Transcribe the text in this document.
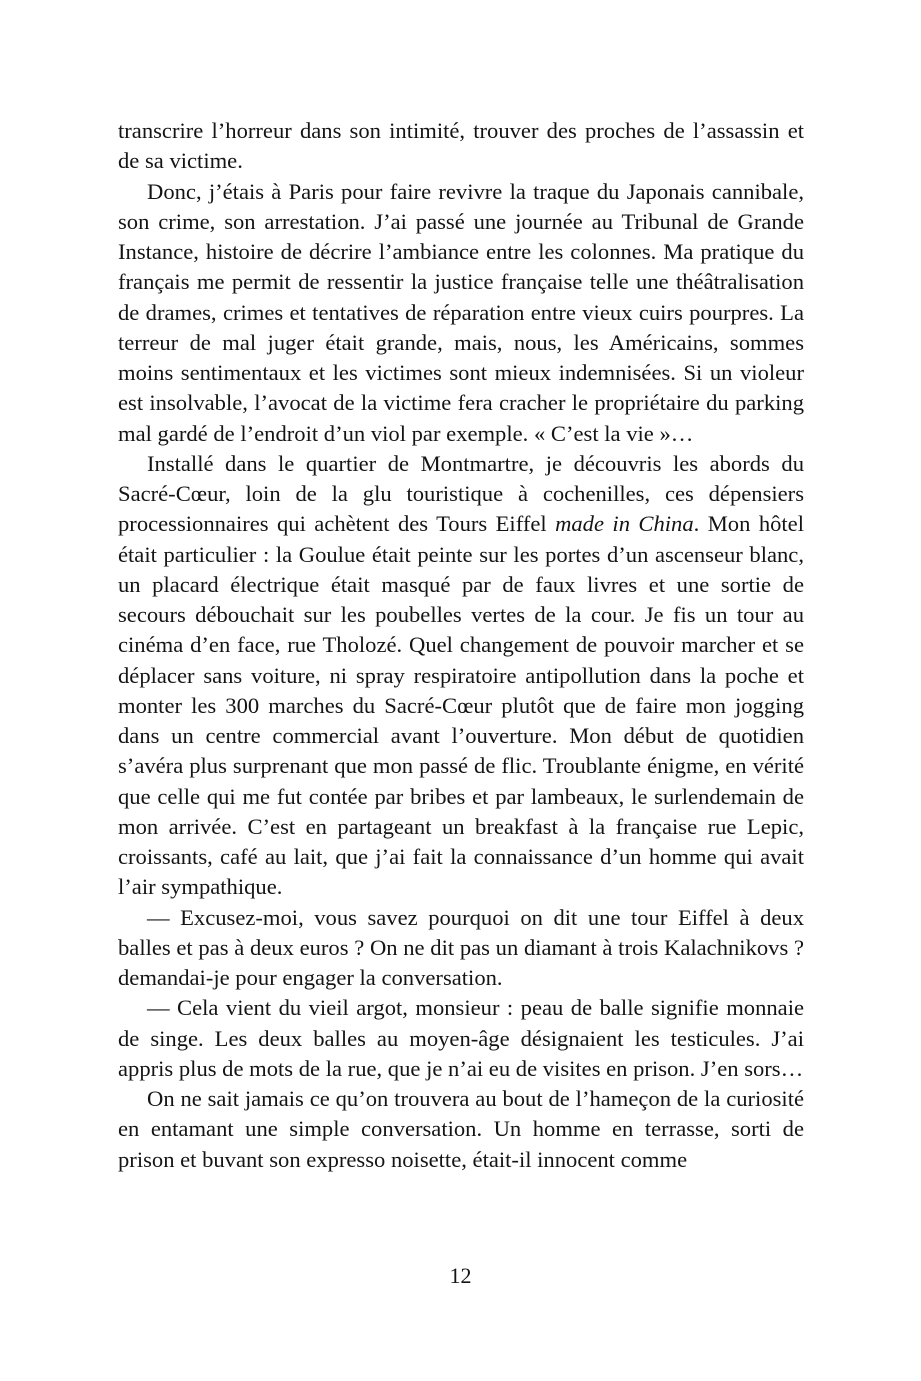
transcrire l’horreur dans son intimité, trouver des proches de l’assassin et de sa victime.

Donc, j’étais à Paris pour faire revivre la traque du Japonais cannibale, son crime, son arrestation. J’ai passé une journée au Tribunal de Grande Instance, histoire de décrire l’ambiance entre les colonnes. Ma pratique du français me permit de ressentir la justice française telle une théâtralisation de drames, crimes et tentatives de réparation entre vieux cuirs pourpres. La terreur de mal juger était grande, mais, nous, les Américains, sommes moins sentimentaux et les victimes sont mieux indemnisées. Si un violeur est insolvable, l’avocat de la victime fera cracher le propriétaire du parking mal gardé de l’endroit d’un viol par exemple. « C’est la vie »…

Installé dans le quartier de Montmartre, je découvris les abords du Sacré-Cœur, loin de la glu touristique à cochenilles, ces dépensiers processionnaires qui achètent des Tours Eiffel made in China. Mon hôtel était particulier : la Goulue était peinte sur les portes d’un ascenseur blanc, un placard électrique était masqué par de faux livres et une sortie de secours débouchait sur les poubelles vertes de la cour. Je fis un tour au cinéma d’en face, rue Tholozé. Quel changement de pouvoir marcher et se déplacer sans voiture, ni spray respiratoire antipollution dans la poche et monter les 300 marches du Sacré-Cœur plutôt que de faire mon jogging dans un centre commercial avant l’ouverture. Mon début de quotidien s’avéra plus surprenant que mon passé de flic. Troublante énigme, en vérité que celle qui me fut contée par bribes et par lambeaux, le surlendemain de mon arrivée. C’est en partageant un breakfast à la française rue Lepic, croissants, café au lait, que j’ai fait la connaissance d’un homme qui avait l’air sympathique.

— Excusez-moi, vous savez pourquoi on dit une tour Eiffel à deux balles et pas à deux euros ? On ne dit pas un diamant à trois Kalachnikovs ? demandai-je pour engager la conversation.

— Cela vient du vieil argot, monsieur : peau de balle signifie monnaie de singe. Les deux balles au moyen-âge désignaient les testicules. J’ai appris plus de mots de la rue, que je n’ai eu de visites en prison. J’en sors…

On ne sait jamais ce qu’on trouvera au bout de l’hameçon de la curiosité en entamant une simple conversation. Un homme en terrasse, sorti de prison et buvant son expresso noisette, était-il innocent comme

12
